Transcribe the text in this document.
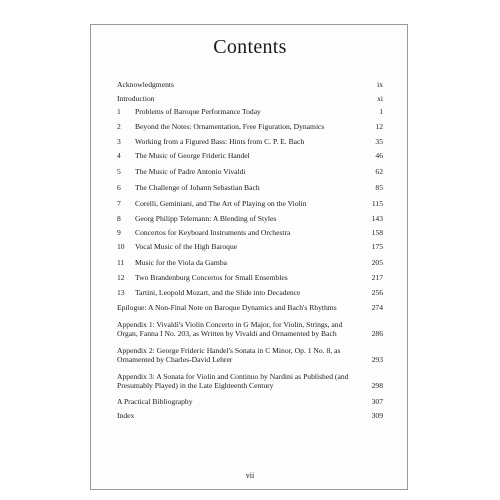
Contents
Acknowledgments	ix
Introduction	xi
1	Problems of Baroque Performance Today	1
2	Beyond the Notes: Ornamentation, Free Figuration, Dynamics	12
3	Working from a Figured Bass: Hints from C. P. E. Bach	35
4	The Music of George Frideric Handel	46
5	The Music of Padre Antonio Vivaldi	62
6	The Challenge of Johann Sebastian Bach	85
7	Corelli, Geminiani, and The Art of Playing on the Violin	115
8	Georg Philipp Telemann: A Blending of Styles	143
9	Concertos for Keyboard Instruments and Orchestra	158
10	Vocal Music of the High Baroque	175
11	Music for the Viola da Gamba	205
12	Two Brandenburg Concertos for Small Ensembles	217
13	Tartini, Leopold Mozart, and the Slide into Decadence	256
Epilogue: A Non-Final Note on Baroque Dynamics and Bach's Rhythms	274
Appendix 1: Vivaldi's Violin Concerto in G Major, for Violin, Strings, and Organ, Fanna I No. 203, as Written by Vivaldi and Ornamented by Bach	286
Appendix 2: George Frideric Handel's Sonata in C Minor, Op. 1 No. 8, as Ornamented by Charles-David Lehrer	293
Appendix 3: A Sonata for Violin and Continuo by Nardini as Published (and Presumably Played) in the Late Eighteenth Century	298
A Practical Bibliography	307
Index	309
vii
